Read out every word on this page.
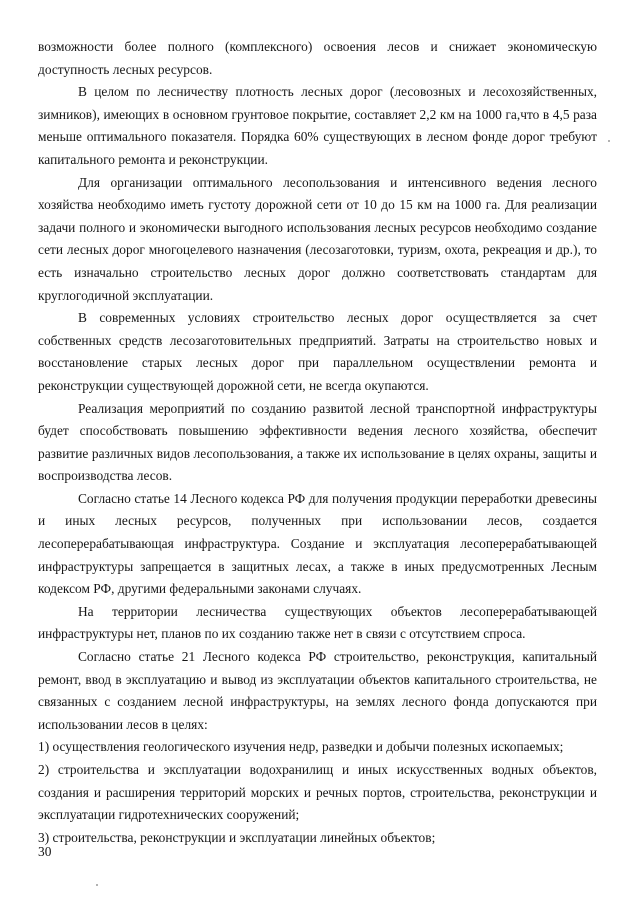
возможности более полного (комплексного) освоения лесов и снижает экономическую доступность лесных ресурсов.

В целом по лесничеству плотность лесных дорог (лесовозных и лесохозяйственных, зимников), имеющих в основном грунтовое покрытие, составляет 2,2 км на 1000 га,что в 4,5 раза меньше оптимального показателя. Порядка 60% существующих в лесном фонде дорог требуют капитального ремонта и реконструкции.

Для организации оптимального лесопользования и интенсивного ведения лесного хозяйства необходимо иметь густоту дорожной сети от 10 до 15 км на 1000 га. Для реализации задачи полного и экономически выгодного использования лесных ресурсов необходимо создание сети лесных дорог многоцелевого назначения (лесозаготовки, туризм, охота, рекреация и др.), то есть изначально строительство лесных дорог должно соответствовать стандартам для круглогодичной эксплуатации.

В современных условиях строительство лесных дорог осуществляется за счет собственных средств лесозаготовительных предприятий. Затраты на строительство новых и восстановление старых лесных дорог при параллельном осуществлении ремонта и реконструкции существующей дорожной сети, не всегда окупаются.

Реализация мероприятий по созданию развитой лесной транспортной инфраструктуры будет способствовать повышению эффективности ведения лесного хозяйства, обеспечит развитие различных видов лесопользования, а также их использование в целях охраны, защиты и воспроизводства лесов.

Согласно статье 14 Лесного кодекса РФ для получения продукции переработки древесины и иных лесных ресурсов, полученных при использовании лесов, создается лесоперерабатывающая инфраструктура. Создание и эксплуатация лесоперерабатывающей инфраструктуры запрещается в защитных лесах, а также в иных предусмотренных Лесным кодексом РФ, другими федеральными законами случаях.

На территории лесничества существующих объектов лесоперерабатывающей инфраструктуры нет, планов по их созданию также нет в связи с отсутствием спроса.

Согласно статье 21 Лесного кодекса РФ строительство, реконструкция, капитальный ремонт, ввод в эксплуатацию и вывод из эксплуатации объектов капитального строительства, не связанных с созданием лесной инфраструктуры, на землях лесного фонда допускаются при использовании лесов в целях:

1) осуществления геологического изучения недр, разведки и добычи полезных ископаемых;

2) строительства и эксплуатации водохранилищ и иных искусственных водных объектов, создания и расширения территорий морских и речных портов, строительства, реконструкции и эксплуатации гидротехнических сооружений;

3) строительства, реконструкции и эксплуатации линейных объектов;

30
